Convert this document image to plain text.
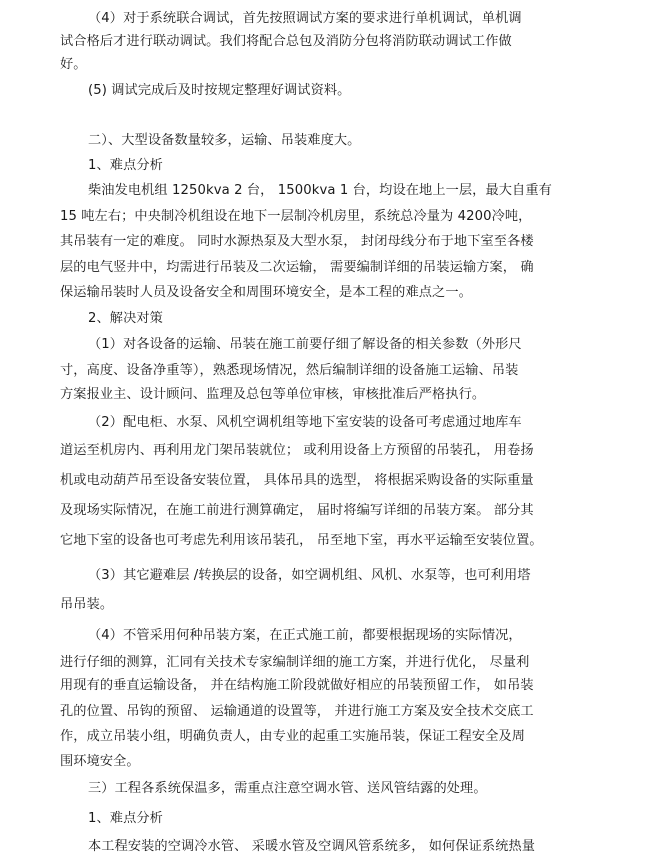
（4）对于系统联合调试，首先按照调试方案的要求进行单机调试，单机调
试合格后才进行联动调试。我们将配合总包及消防分包将消防联动调试工作做
好。
(5) 调试完成后及时按规定整理好调试资料。
二）、大型设备数量较多，运输、吊装难度大。
1、难点分析
柴油发电机组 1250kva 2 台， 1500kva 1 台，均设在地上一层，最大自重有
15 吨左右；中央制冷机组设在地下一层制冷机房里，系统总冷量为 4200冷吨，
其吊装有一定的难度。 同时水源热泵及大型水泵， 封闭母线分布于地下室至各楼
层的电气竖井中，均需进行吊装及二次运输， 需要编制详细的吊装运输方案， 确
保运输吊装时人员及设备安全和周围环境安全，是本工程的难点之一。
2、解决对策
（1）对各设备的运输、吊装在施工前要仔细了解设备的相关参数（外形尺
寸，高度、设备净重等），熟悉现场情况，然后编制详细的设备施工运输、吊装
方案报业主、设计顾问、监理及总包等单位审核，审核批准后严格执行。
（2）配电柜、水泵、风机空调机组等地下室安装的设备可考虑通过地库车
道运至机房内、再利用龙门架吊装就位； 或利用设备上方预留的吊装孔， 用卷扬
机或电动葫芦吊至设备安装位置， 具体吊具的选型， 将根据采购设备的实际重量
及现场实际情况，在施工前进行测算确定， 届时将编写详细的吊装方案。 部分其
它地下室的设备也可考虑先利用该吊装孔， 吊至地下室，再水平运输至安装位置。
（3）其它避难层 /转换层的设备，如空调机组、风机、水泵等，也可利用塔
吊吊装。
（4）不管采用何种吊装方案，在正式施工前，都要根据现场的实际情况，
进行仔细的测算，汇同有关技术专家编制详细的施工方案，并进行优化， 尽量利
用现有的垂直运输设备， 并在结构施工阶段就做好相应的吊装预留工作， 如吊装
孔的位置、吊钩的预留、 运输通道的设置等， 并进行施工方案及安全技术交底工
作，成立吊装小组，明确负责人，由专业的起重工实施吊装，保证工程安全及周
围环境安全。
三）工程各系统保温多，需重点注意空调水管、送风管结露的处理。
1、难点分析
本工程安装的空调冷水管、 采暖水管及空调风管系统多， 如何保证系统热量
